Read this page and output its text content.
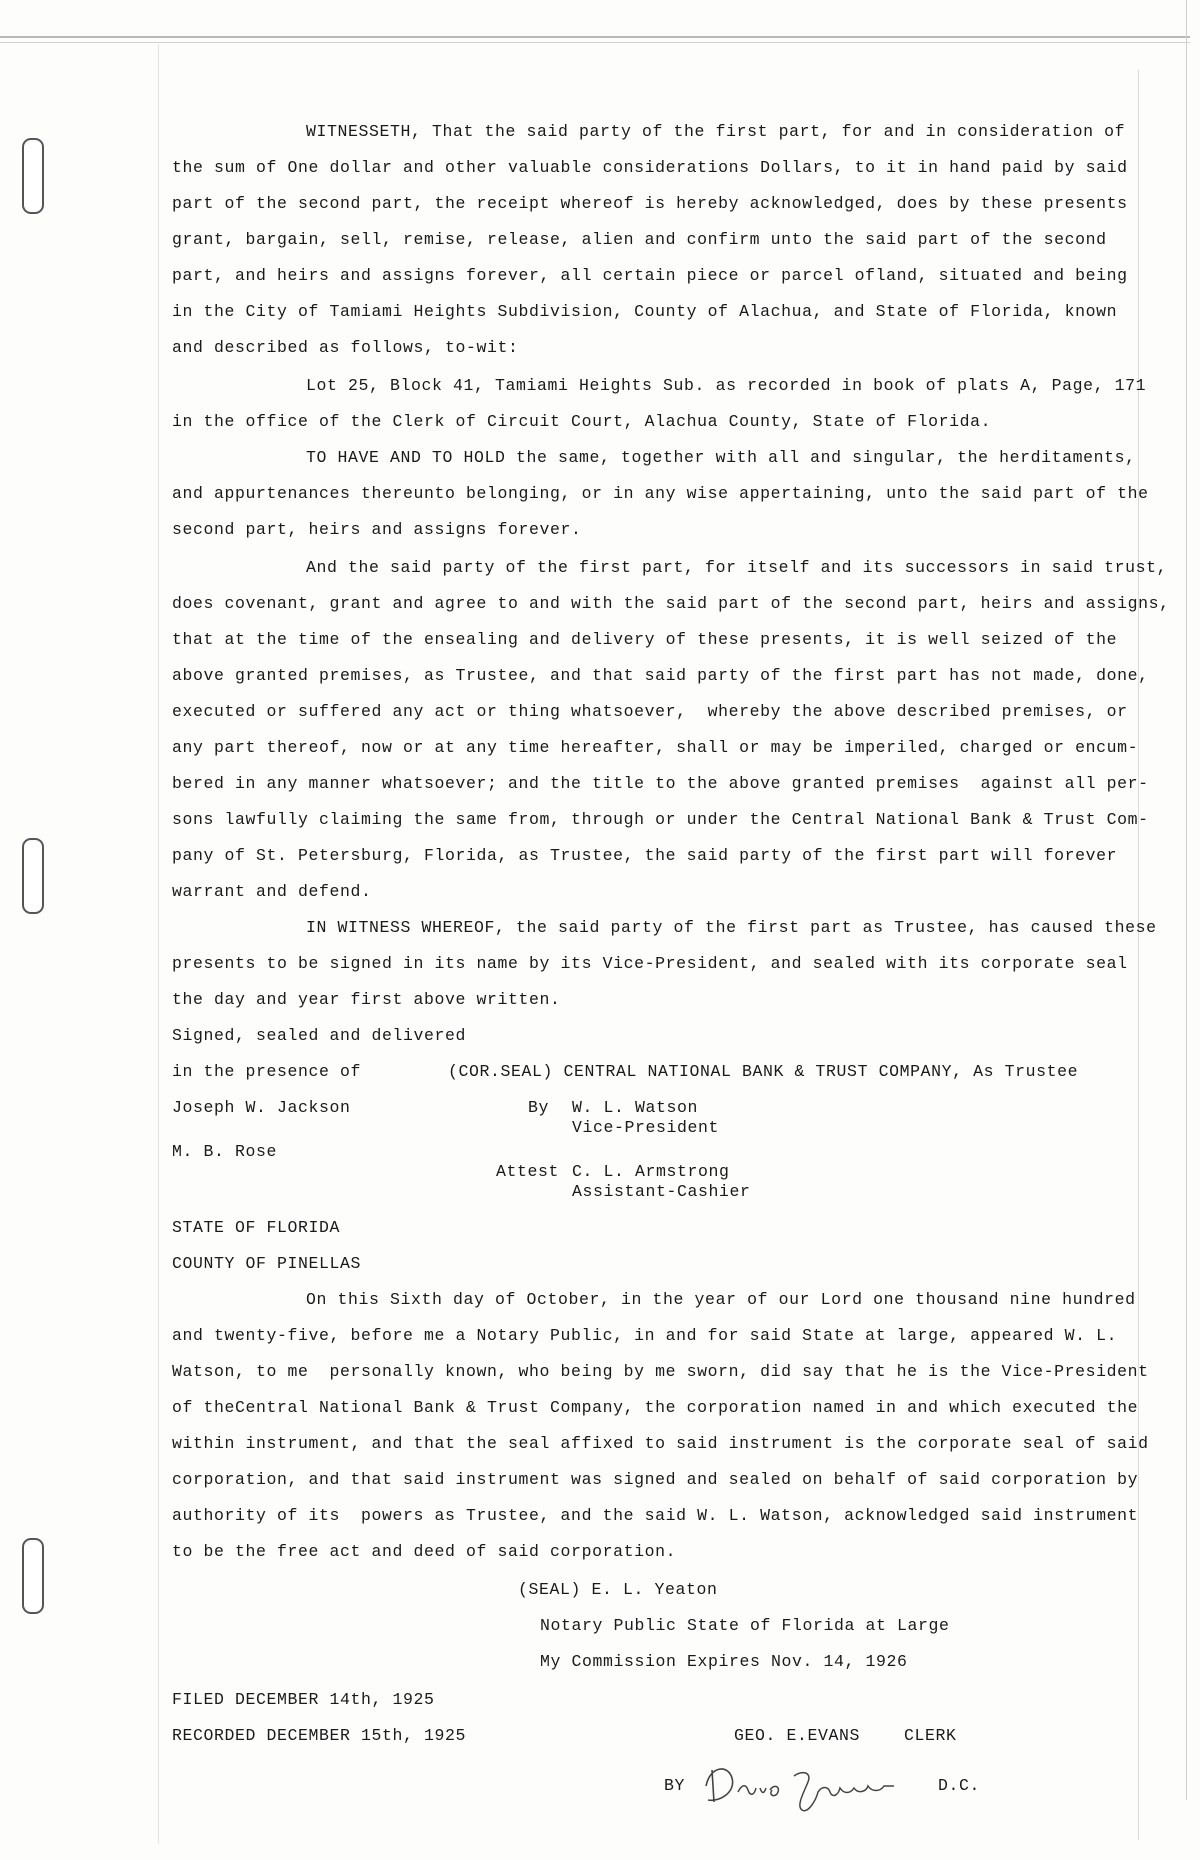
WITNESSETH, That the said party of the first part, for and in consideration of
the sum of One dollar and other valuable considerations Dollars, to it in hand paid by said
part of the second part, the receipt whereof is hereby acknowledged, does by these presents
grant, bargain, sell, remise, release, alien and confirm unto the said part of the second
part, and heirs and assigns forever, all certain piece or parcel ofland, situated and being
in the City of Tamiami Heights Subdivision, County of Alachua, and State of Florida, known
and described as follows, to-wit:
Lot 25, Block 41, Tamiami Heights Sub. as recorded in book of plats A, Page, 171
in the office of the Clerk of Circuit Court, Alachua County, State of Florida.
TO HAVE AND TO HOLD the same, together with all and singular, the herditaments,
and appurtenances thereunto belonging, or in any wise appertaining, unto the said part of the
second part, heirs and assigns forever.
And the said party of the first part, for itself and its successors in said trust,
does covenant, grant and agree to and with the said part of the second part, heirs and assigns,
that at the time of the ensealing and delivery of these presents, it is well seized of the
above granted premises, as Trustee, and that said party of the first part has not made, done,
executed or suffered any act or thing whatsoever,  whereby the above described premises, or
any part thereof, now or at any time hereafter, shall or may be imperiled, charged or encum-
bered in any manner whatsoever; and the title to the above granted premises  against all per-
sons lawfully claiming the same from, through or under the Central National Bank & Trust Com-
pany of St. Petersburg, Florida, as Trustee, the said party of the first part will forever
warrant and defend.
IN WITNESS WHEREOF, the said party of the first part as Trustee, has caused these
presents to be signed in its name by its Vice-President, and sealed with its corporate seal
the day and year first above written.
Signed, sealed and delivered
in the presence of	(COR.SEAL) CENTRAL NATIONAL BANK & TRUST COMPANY, As Trustee
Joseph W. Jackson	By W. L. Watson
Vice-President
M. B. Rose
Attest C. L. Armstrong
Assistant-Cashier
STATE OF FLORIDA
COUNTY OF PINELLAS
On this Sixth day of October, in the year of our Lord one thousand nine hundred
and twenty-five, before me a Notary Public, in and for said State at large, appeared W. L.
Watson, to me  personally known, who being by me sworn, did say that he is the Vice-President
of theCentral National Bank & Trust Company, the corporation named in and which executed the
within instrument, and that the seal affixed to said instrument is the corporate seal of said
corporation, and that said instrument was signed and sealed on behalf of said corporation by
authority of its  powers as Trustee, and the said W. L. Watson, acknowledged said instrument
to be the free act and deed of said corporation.
(SEAL) E. L. Yeaton
Notary Public State of Florida at Large
My Commission Expires Nov. 14, 1926
FILED DECEMBER 14th, 1925
RECORDED DECEMBER 15th, 1925	GEO. E.EVANS	CLERK
BY	D.C.
